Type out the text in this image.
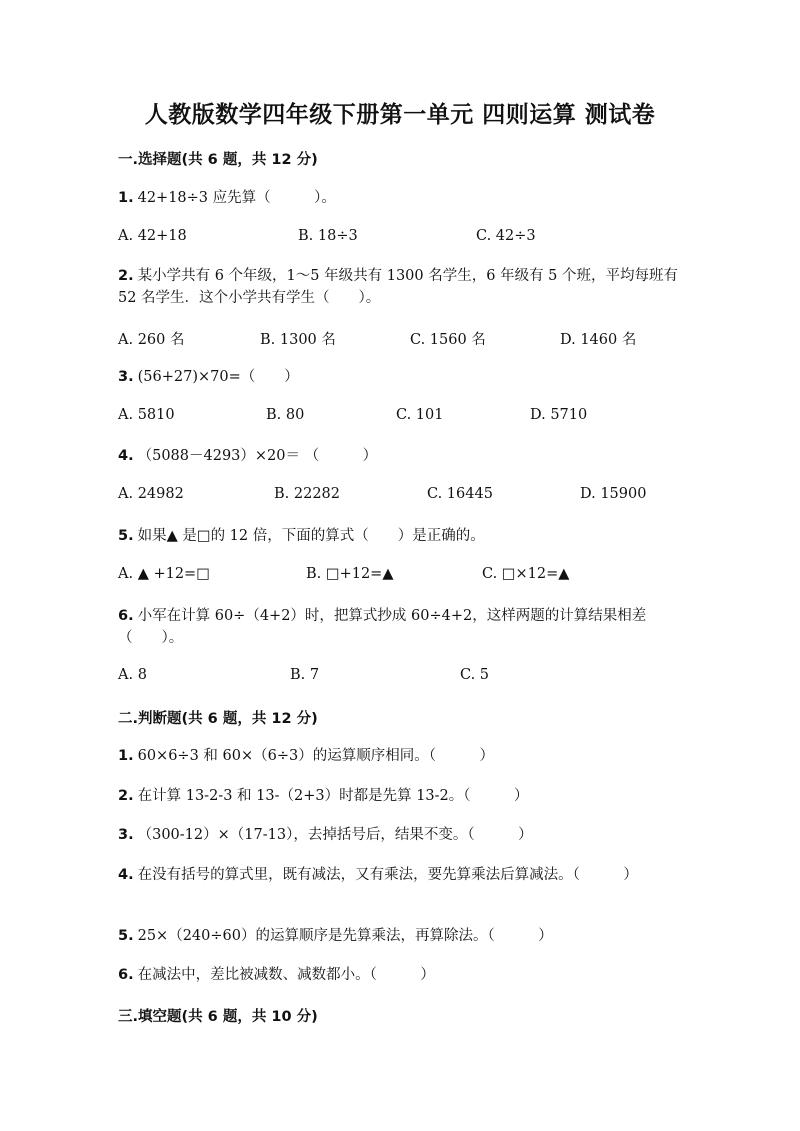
人教版数学四年级下册第一单元 四则运算 测试卷
一.选择题(共 6 题，共 12 分)
1. 42+18÷3 应先算（　　　）。
A. 42+18	B. 18÷3	C. 42÷3
2. 某小学共有 6 个年级，1～5 年级共有 1300 名学生，6 年级有 5 个班，平均每班有 52 名学生．这个小学共有学生（　　）。
A. 260 名	B. 1300 名	C. 1560 名	D. 1460 名
3. (56+27)×70=（　　）
A. 5810	B. 80	C. 101	D. 5710
4. （5088－4293）×20＝ （　　　）
A. 24982	B. 22282	C. 16445	D. 15900
5. 如果▲ 是□的 12 倍，下面的算式（　　）是正确的。
A. ▲ +12=□	B. □+12=▲	C. □×12=▲
6. 小军在计算 60÷（4+2）时，把算式抄成 60÷4+2，这样两题的计算结果相差（　　）。
A. 8	B. 7	C. 5
二.判断题(共 6 题，共 12 分)
1. 60×6÷3 和 60×（6÷3）的运算顺序相同。（　　　）
2. 在计算 13-2-3 和 13-（2+3）时都是先算 13-2。（　　　）
3. （300-12）×（17-13），去掉括号后，结果不变。（　　　）
4. 在没有括号的算式里，既有减法，又有乘法，要先算乘法后算减法。（　　　）
5. 25×（240÷60）的运算顺序是先算乘法，再算除法。（　　　）
6. 在减法中，差比被减数、减数都小。（　　　）
三.填空题(共 6 题，共 10 分)
